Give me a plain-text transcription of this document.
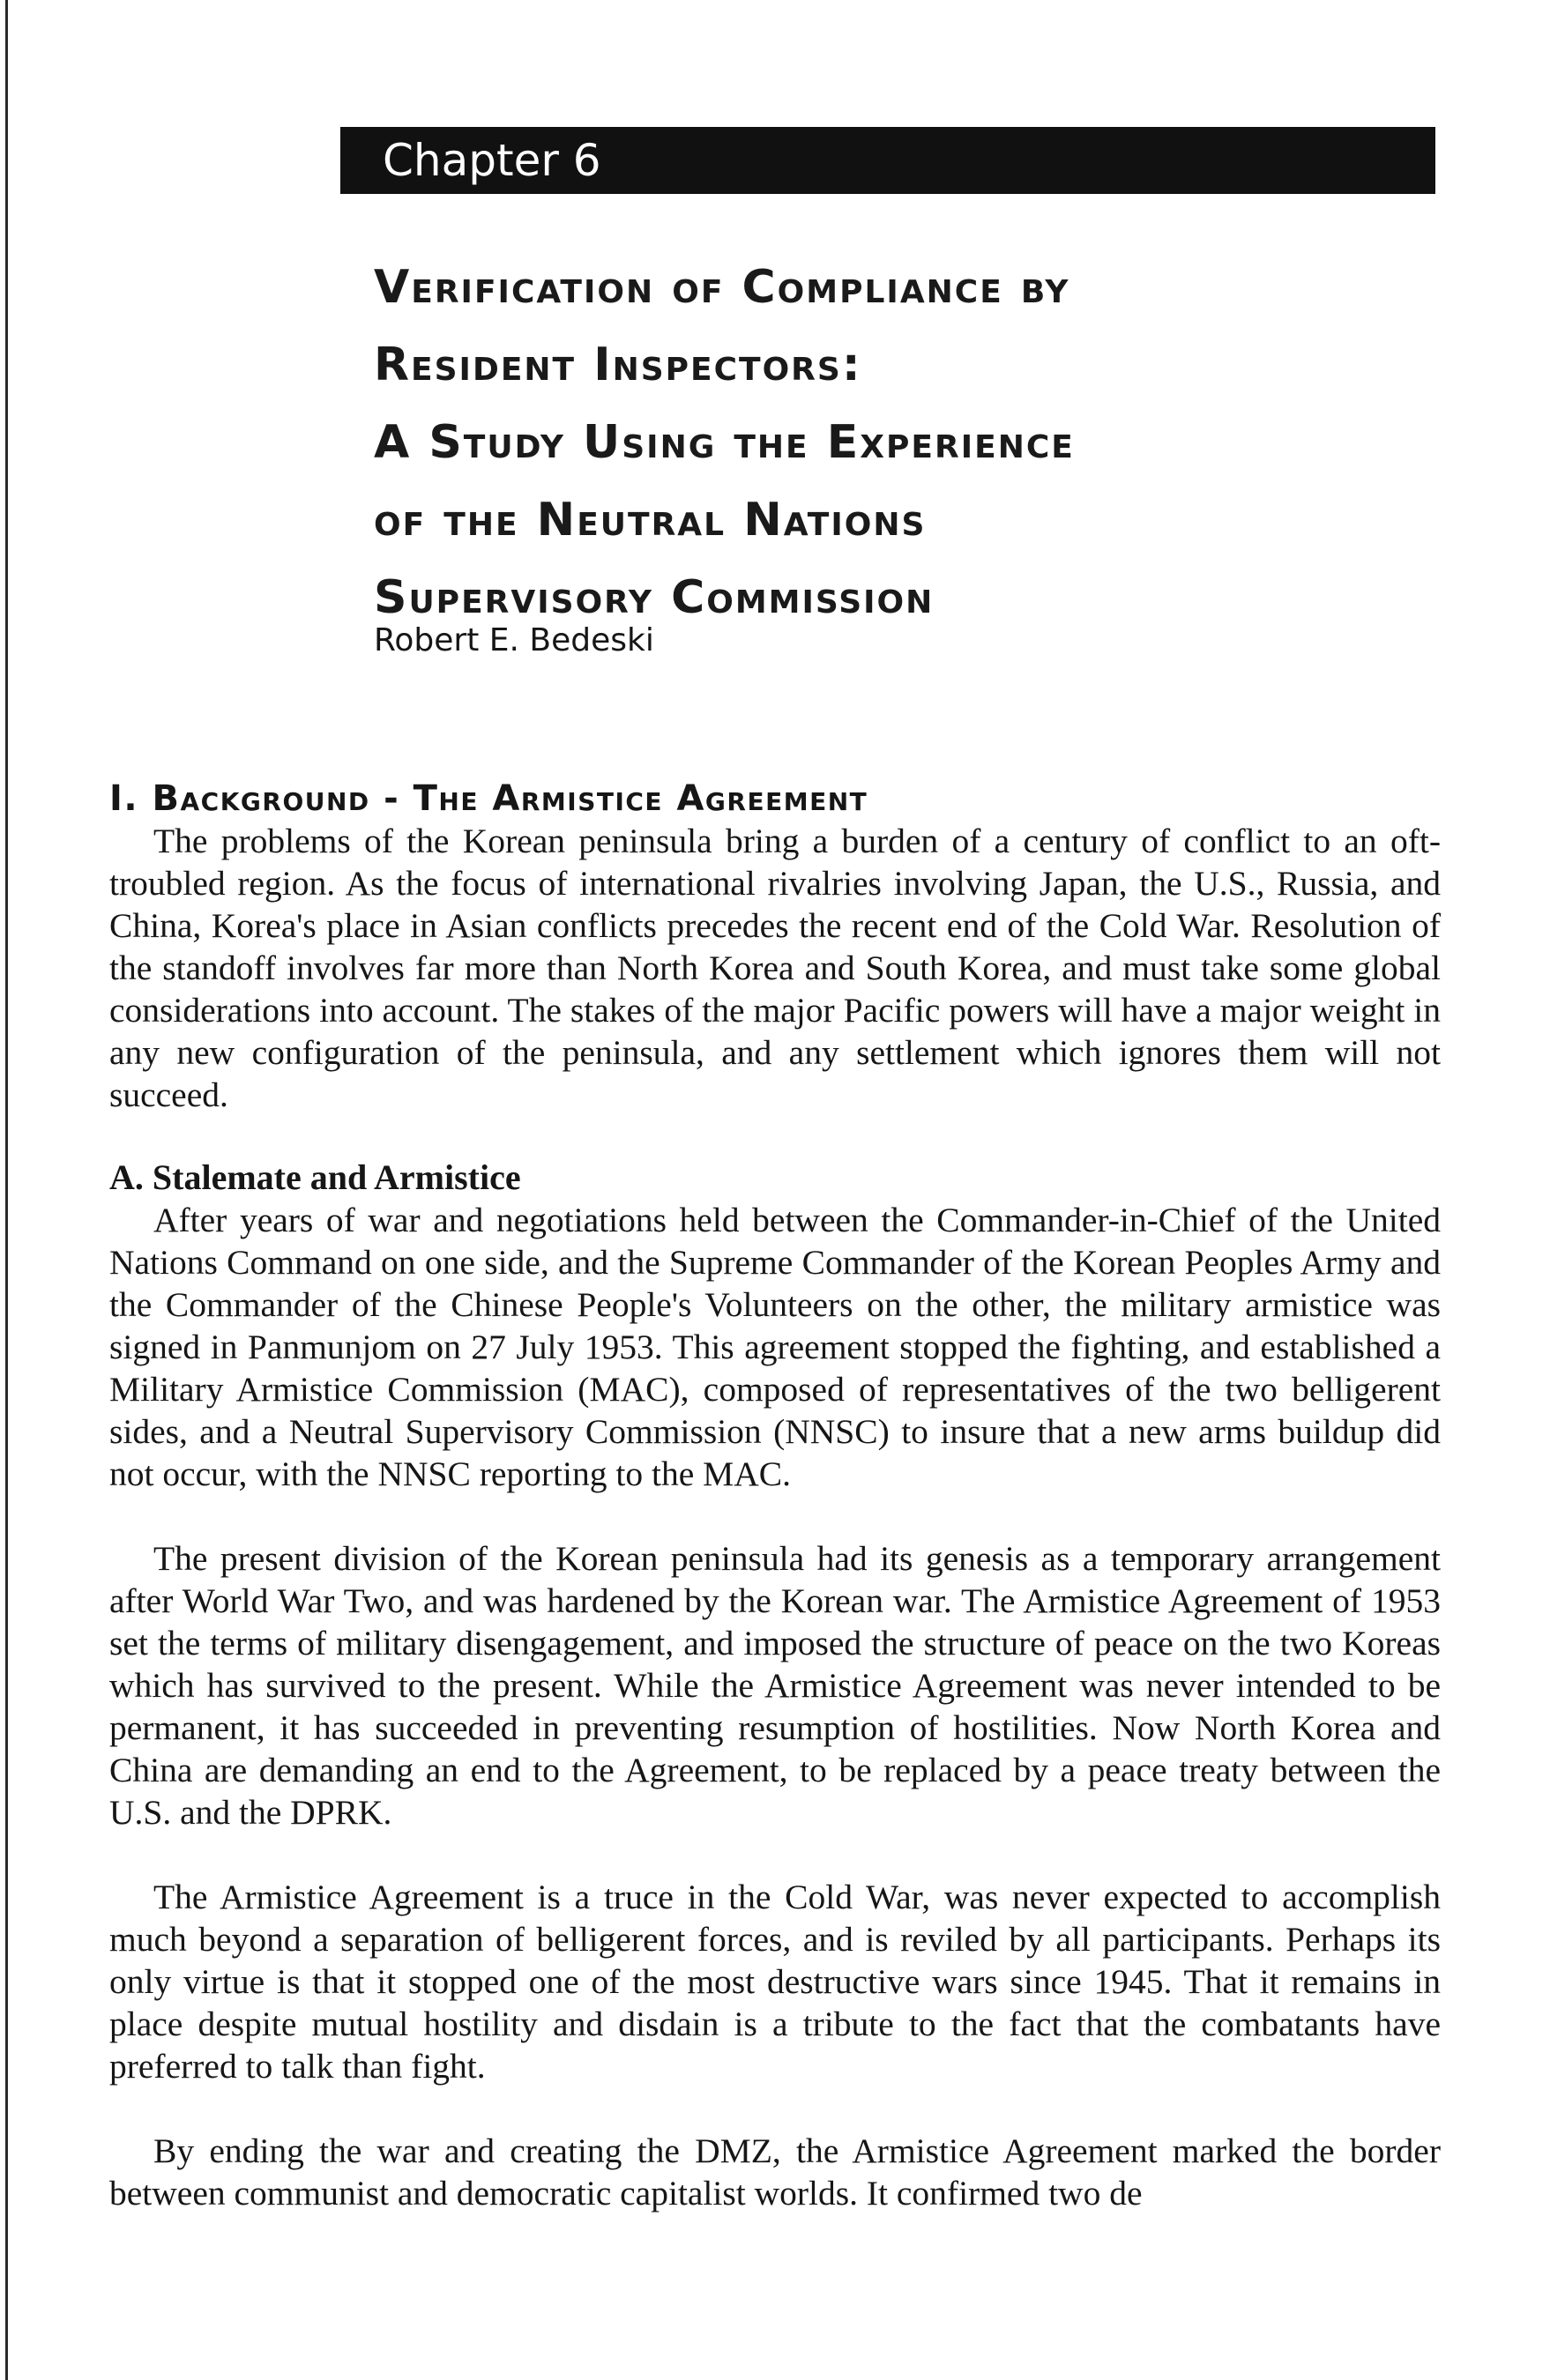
Chapter 6
Verification of Compliance by
Resident Inspectors:
A Study Using the Experience
of the Neutral Nations
Supervisory Commission
Robert E. Bedeski
I. Background - The Armistice Agreement

The problems of the Korean peninsula bring a burden of a century of conflict to an oft-troubled region. As the focus of international rivalries involving Japan, the U.S., Russia, and China, Korea's place in Asian conflicts precedes the recent end of the Cold War. Resolution of the standoff involves far more than North Korea and South Korea, and must take some global considerations into account. The stakes of the major Pacific powers will have a major weight in any new configuration of the peninsula, and any settlement which ignores them will not succeed.

A. Stalemate and Armistice

After years of war and negotiations held between the Commander-in-Chief of the United Nations Command on one side, and the Supreme Commander of the Korean Peoples Army and the Commander of the Chinese People's Volunteers on the other, the military armistice was signed in Panmunjom on 27 July 1953. This agreement stopped the fighting, and established a Military Armistice Commission (MAC), composed of representatives of the two belligerent sides, and a Neutral Supervisory Commission (NNSC) to insure that a new arms buildup did not occur, with the NNSC reporting to the MAC.

The present division of the Korean peninsula had its genesis as a temporary arrangement after World War Two, and was hardened by the Korean war. The Armistice Agreement of 1953 set the terms of military disengagement, and imposed the structure of peace on the two Koreas which has survived to the present. While the Armistice Agreement was never intended to be permanent, it has succeeded in preventing resumption of hostilities. Now North Korea and China are demanding an end to the Agreement, to be replaced by a peace treaty between the U.S. and the DPRK.

The Armistice Agreement is a truce in the Cold War, was never expected to accomplish much beyond a separation of belligerent forces, and is reviled by all participants. Perhaps its only virtue is that it stopped one of the most destructive wars since 1945. That it remains in place despite mutual hostility and disdain is a tribute to the fact that the combatants have preferred to talk than fight.

By ending the war and creating the DMZ, the Armistice Agreement marked the border between communist and democratic capitalist worlds. It confirmed two de
